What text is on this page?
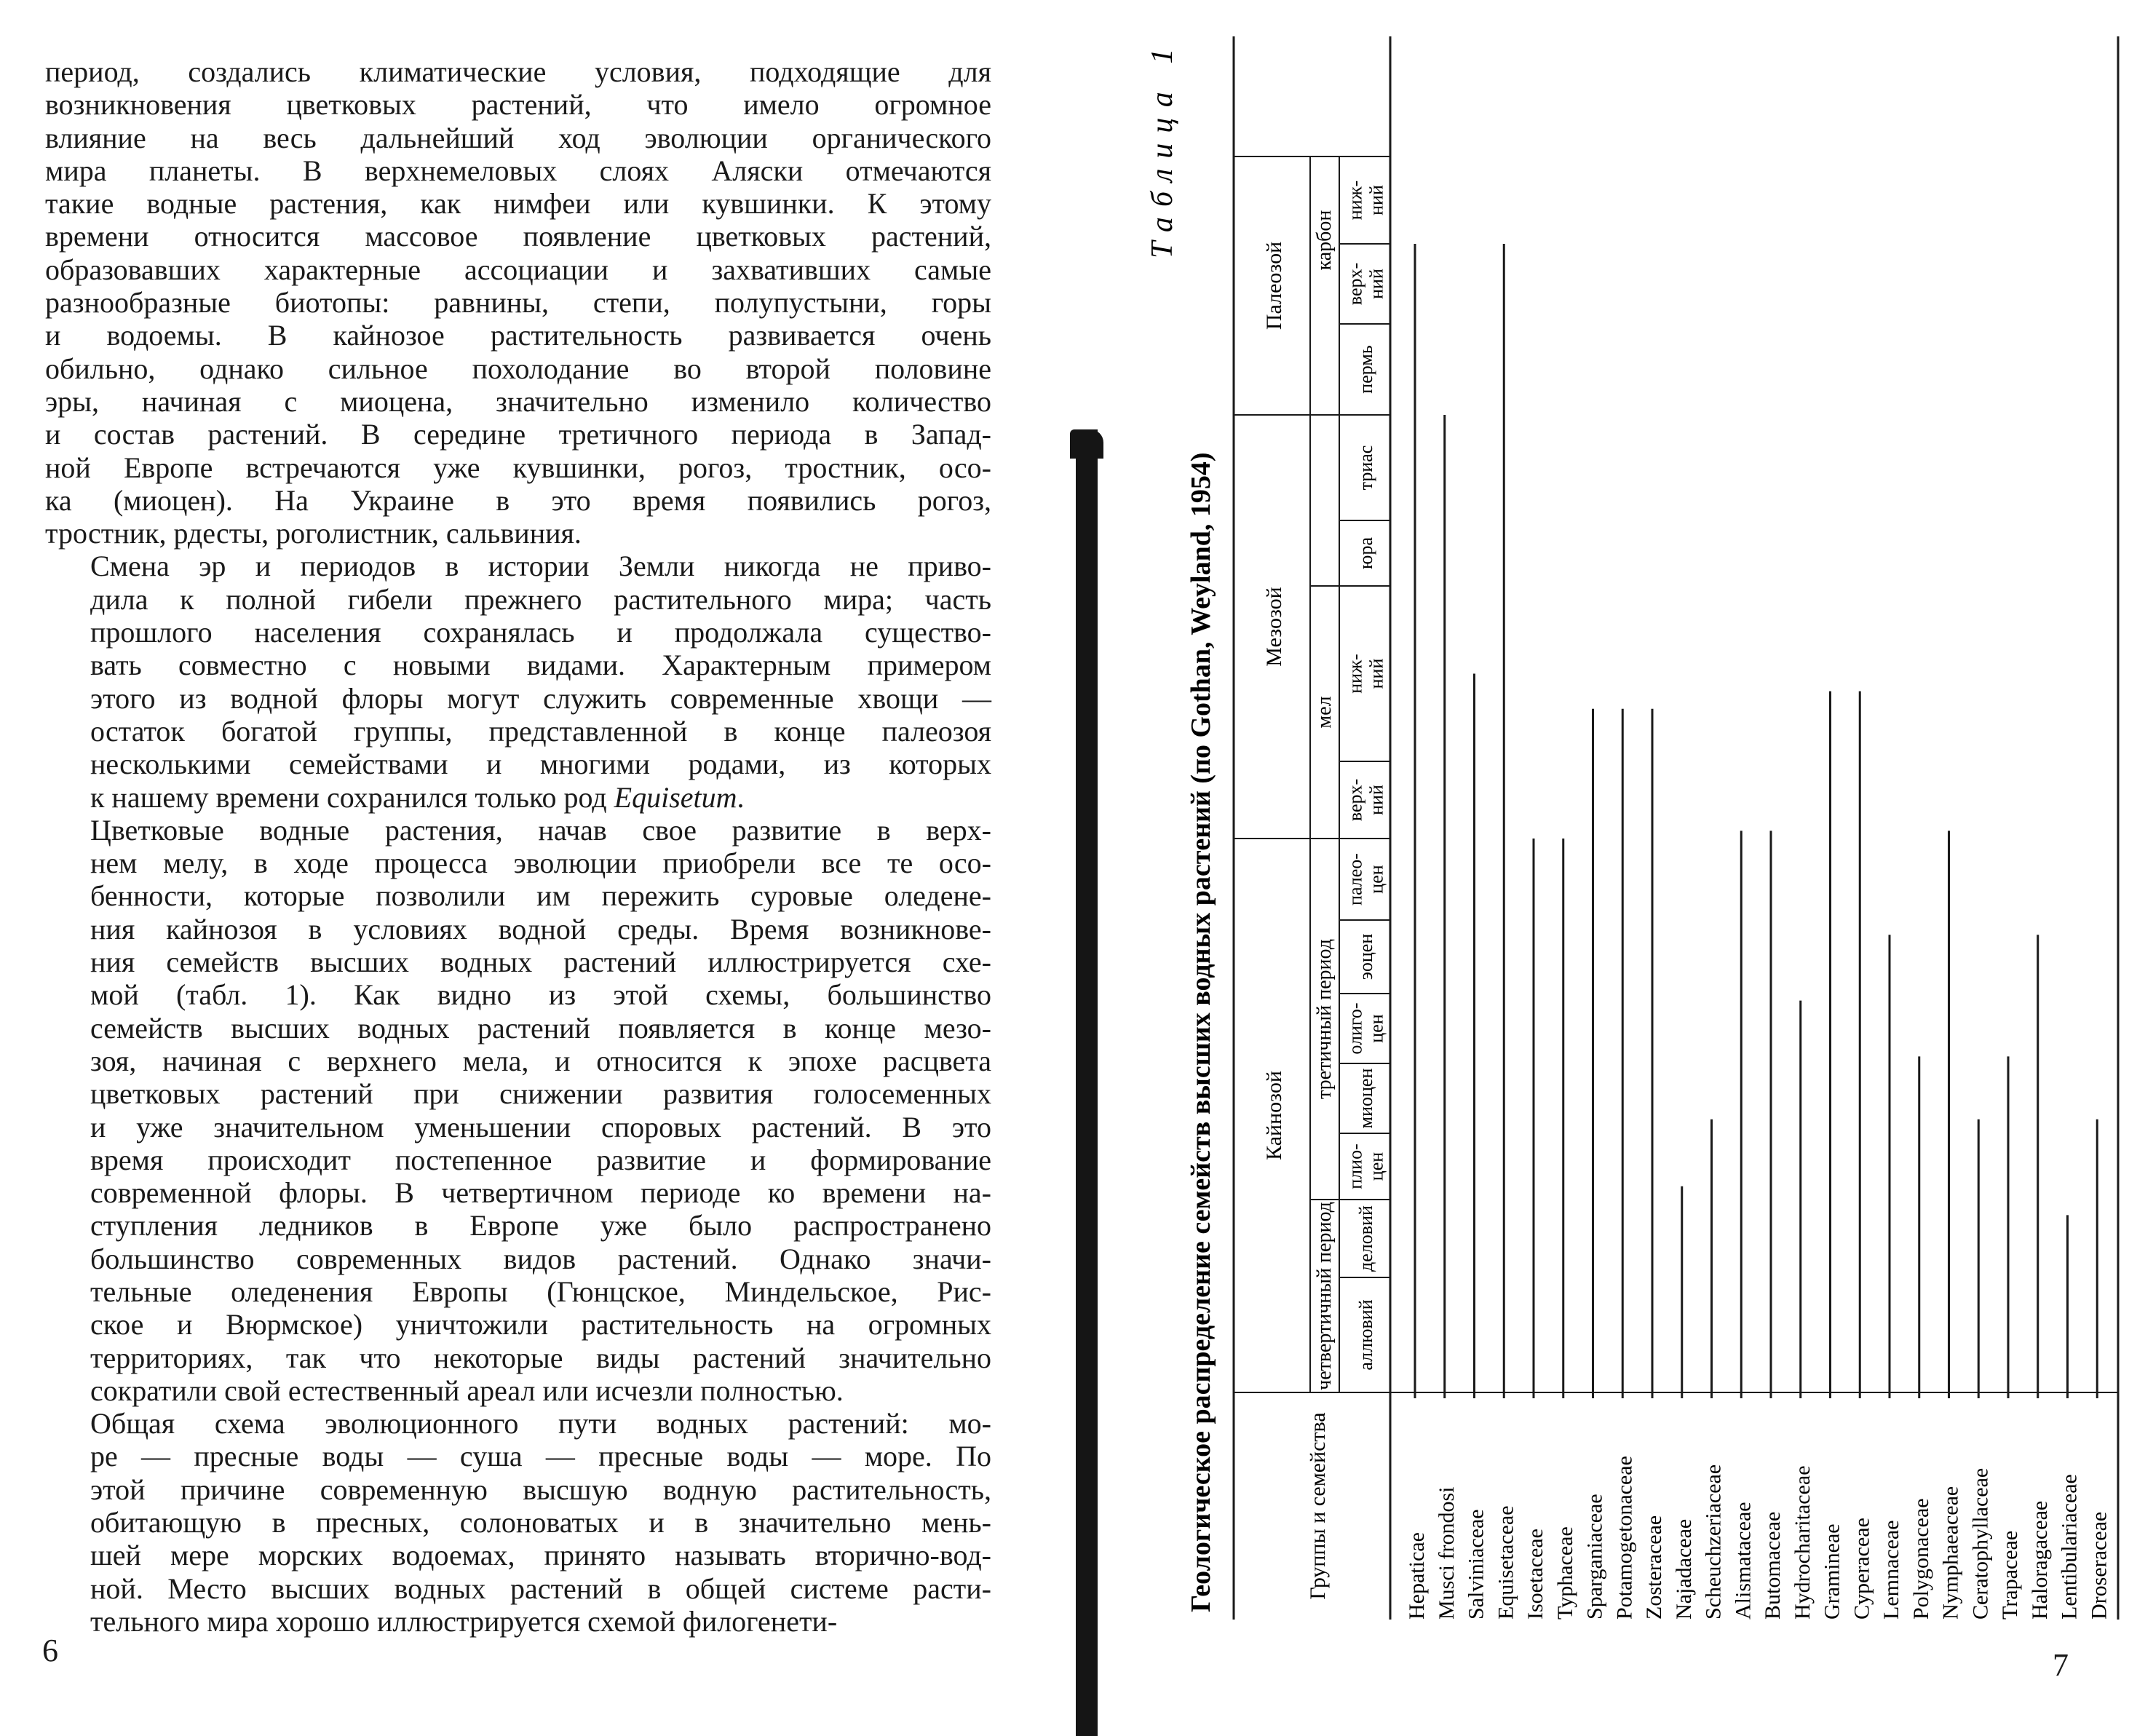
период, создались климатические условия, подходящие для
возникновения цветковых растений, что имело огромное
влияние на весь дальнейший ход эволюции органического
мира планеты. В верхнемеловых слоях Аляски отмечаются
такие водные растения, как нимфеи или кувшинки. К этому
времени относится массовое появление цветковых растений,
образовавших характерные ассоциации и захвативших самые
разнообразные биотопы: равнины, степи, полупустыни, горы
и водоемы. В кайнозое растительность развивается очень
обильно, однако сильное похолодание во второй половине
эры, начиная с миоцена, значительно изменило количество
и состав растений. В середине третичного периода в Запад-
ной Европе встречаются уже кувшинки, рогоз, тростник, осо-
ка (миоцен). На Украине в это время появились рогоз,
тростник, рдесты, роголистник, сальвиния.

Смена эр и периодов в истории Земли никогда не приво-
дила к полной гибели прежнего растительного мира; часть
прошлого населения сохранялась и продолжала существо-
вать совместно с новыми видами. Характерным примером
этого из водной флоры могут служить современные хвощи —
остаток богатой группы, представленной в конце палеозоя
несколькими семействами и многими родами, из которых
к нашему времени сохранился только род Equisetum.

Цветковые водные растения, начав свое развитие в верх-
нем мелу, в ходе процесса эволюции приобрели все те осо-
бенности, которые позволили им пережить суровые оледене-
ния кайнозоя в условиях водной среды. Время возникнове-
ния семейств высших водных растений иллюстрируется схе-
мой (табл. 1). Как видно из этой схемы, большинство
семейств высших водных растений появляется в конце мезо-
зоя, начиная с верхнего мела, и относится к эпохе расцвета
цветковых растений при снижении развития голосеменных
и уже значительном уменьшении споровых растений. В это
время происходит постепенное развитие и формирование
современной флоры. В четвертичном периоде ко времени на-
ступления ледников в Европе уже было распространено
большинство современных видов растений. Однако значи-
тельные оледенения Европы (Гюнцское, Миндельское, Рис-
ское и Вюрмское) уничтожили растительность на огромных
территориях, так что некоторые виды растений значительно
сократили свой естественный ареал или исчезли полностью.

Общая схема эволюционного пути водных растений: мо-
ре — пресные воды — суша — пресные воды — море. По
этой причине современную высшую водную растительность,
обитающую в пресных, солоноватых и в значительно мень-
шей мере морских водоемах, принято называть вторично-вод-
ной. Место высших водных растений в общей системе расти-
тельного мира хорошо иллюстрируется схемой филогенети-

6
Таблица 1
Геологическое распределение семейств высших водных растений (по Gothan, Weyland, 1954)	Группы и семейства
Кайнозой
Мезозой
Палеозой
четвертичный период
третичный период
мел
карбон
аллювий
деловий
плио-цен
миоцен
олиго-цен
эоцен
палео-цен
верх-ний
ниж-ний
юра
триас
пермь
верх-ний
ниж-ний
Hepaticae Musci frondosi Salviniaceae Equisetaceae Isoetaceae Typhaceae Sparganiaceae Potamogetonaceae Zosteraceae Najadaceae Scheuchzeriaceae Alismataceae Butomaceae Hydrocharitaceae Gramineae Cyperaceae Lemnaceae Polygonaceae Nymphaeaceae Ceratophyllaceae Trapaceae Haloragaceae Lentibulariaceae Droseraceae
7
